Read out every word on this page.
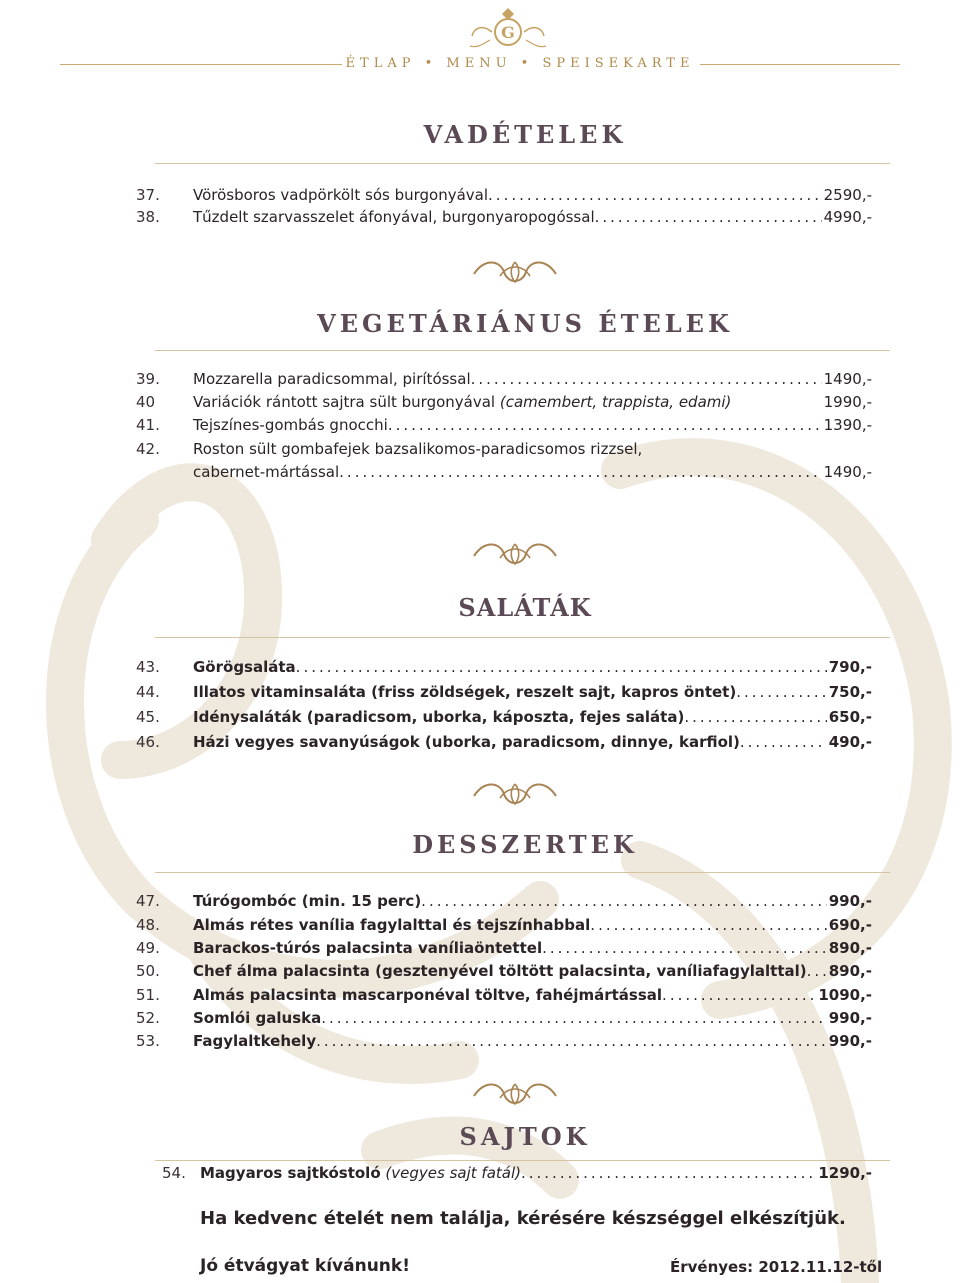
G
ÉTLAP • MENU • SPEISEKARTE
VADÉTELEK
37.	Vörösboros vadpörkölt sós burgonyával .....	2590,-
38.	Tűzdelt szarvasszelet áfonyával, burgonyaropogóssal .....	4990,-
VEGETÁRIÁNUS ÉTELEK
39.	Mozzarella paradicsommal, pirítóssal .....	1490,-
40	Variációk rántott sajtra sült burgonyával
(camembert, trappista, edami)	1990,-
41.	Tejszínes-gombás gnocchi .....	1390,-
42.	Roston sült gombafejek bazsalikomos-paradicsomos rizzsel,
cabernet-mártással .....	1490,-
SALÁTÁK
43.	Görögsaláta .....	790,-
44.	Illatos vitaminsaláta (friss zöldségek, reszelt sajt, kapros öntet) .....	750,-
45.	Idénysaláták (paradicsom, uborka, káposzta, fejes saláta) .....	650,-
46.	Házi vegyes savanyúságok (uborka, paradicsom, dinnye, karfiol) .....	490,-
DESSZERTEK
47.	Túrógombóc (min. 15 perc) .....	990,-
48.	Almás rétes vanília fagylalttal és tejszínhabbal .....	690,-
49.	Barackos-túrós palacsinta vaníliaöntettel .....	890,-
50.	Chef álma palacsinta (gesztenyével töltött palacsinta, vaníliafagylalttal) ..... 890,-
51.	Almás palacsinta mascarponéval töltve, fahéjmártással .....	1090,-
52.	Somlói galuska .....	990,-
53.	Fagylaltkehely .....	990,-
SAJTOK
54. Magyaros sajtkóstoló
(vegyes sajt fatál) .....	1290,-
Ha kedvenc ételét nem találja, kérésére készséggel elkészítjük.
Jó étvágyat kívánunk!	Érvényes: 2012.11.12-től
